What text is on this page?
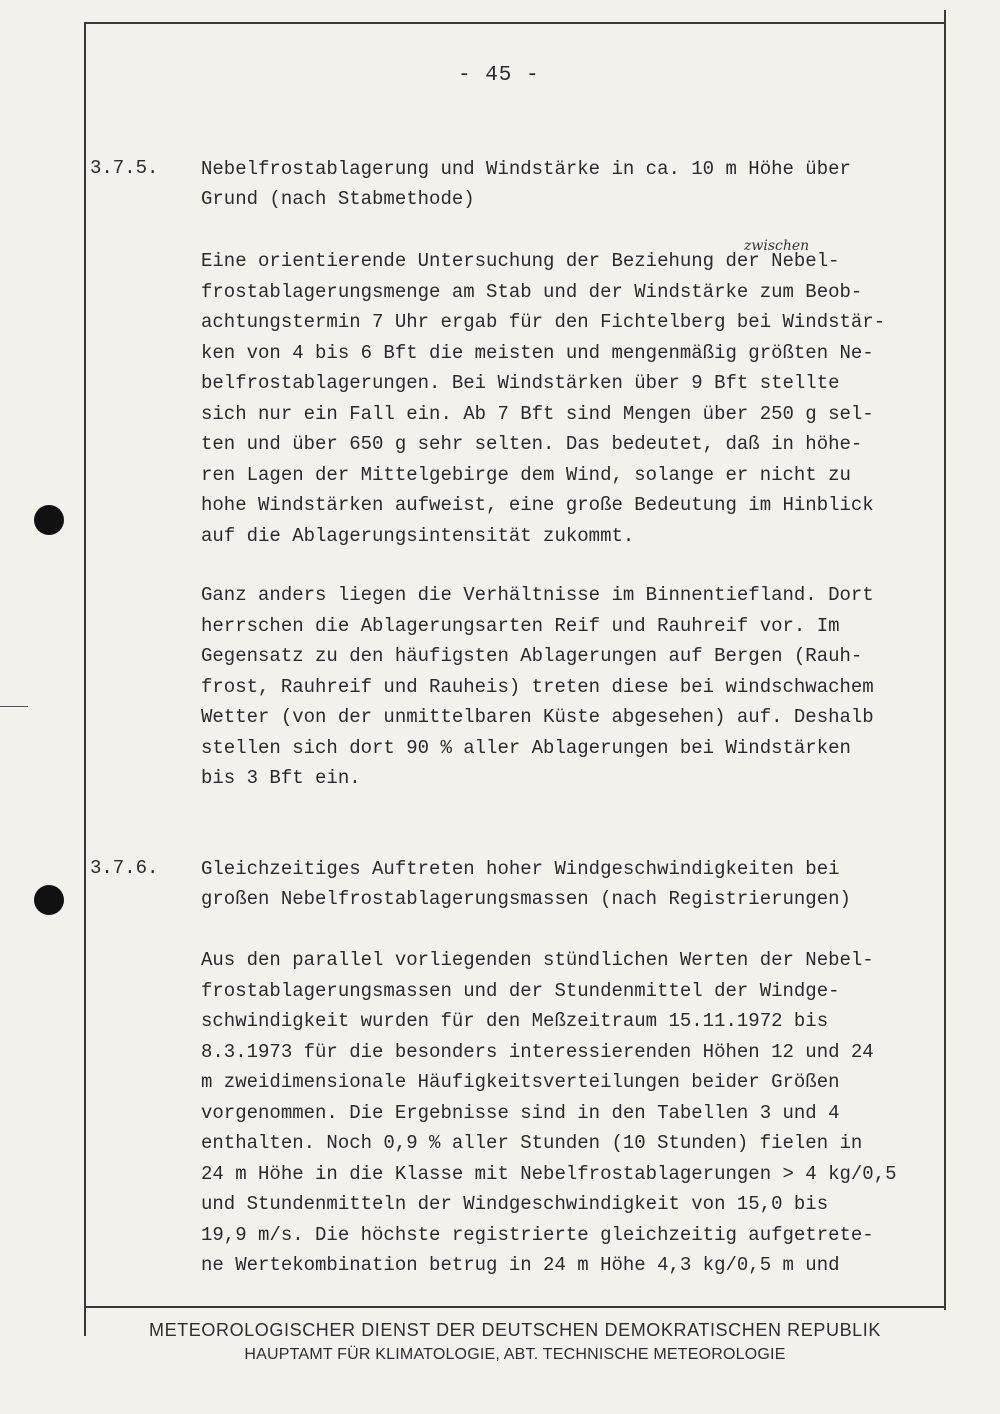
- 45 -
3.7.5. Nebelfrostablagerung und Windstärke in ca. 10 m Höhe über
Grund (nach Stabmethode)
zwischen
Eine orientierende Untersuchung der Beziehung der Nebel-
frostablagerungsmenge am Stab und der Windstärke zum Beob-
achtungstermin 7 Uhr ergab für den Fichtelberg bei Windstär-
ken von 4 bis 6 Bft die meisten und mengenmäßig größten Ne-
belfrostablagerungen. Bei Windstärken über 9 Bft stellte
sich nur ein Fall ein. Ab 7 Bft sind Mengen über 250 g sel-
ten und über 650 g sehr selten. Das bedeutet, daß in höhe-
ren Lagen der Mittelgebirge dem Wind, solange er nicht zu
hohe Windstärken aufweist, eine große Bedeutung im Hinblick
auf die Ablagerungsintensität zukommt.
Ganz anders liegen die Verhältnisse im Binnentiefland. Dort
herrschen die Ablagerungsarten Reif und Rauhreif vor. Im
Gegensatz zu den häufigsten Ablagerungen auf Bergen (Rauh-
frost, Rauhreif und Rauheis) treten diese bei windschwachem
Wetter (von der unmittelbaren Küste abgesehen) auf. Deshalb
stellen sich dort 90 % aller Ablagerungen bei Windstärken
bis 3 Bft ein.
3.7.6. Gleichzeitiges Auftreten hoher Windgeschwindigkeiten bei
großen Nebelfrostablagerungsmassen (nach Registrierungen)
Aus den parallel vorliegenden stündlichen Werten der Nebel-
frostablagerungsmassen und der Stundenmittel der Windge-
schwindigkeit wurden für den Meßzeitraum 15.11.1972 bis
8.3.1973 für die besonders interessierenden Höhen 12 und 24
m zweidimensionale Häufigkeitsverteilungen beider Größen
vorgenommen. Die Ergebnisse sind in den Tabellen 3 und 4
enthalten. Noch 0,9 % aller Stunden (10 Stunden) fielen in
24 m Höhe in die Klasse mit Nebelfrostablagerungen > 4 kg/0,5
und Stundenmitteln der Windgeschwindigkeit von 15,0 bis
19,9 m/s. Die höchste registrierte gleichzeitig aufgetrete-
ne Wertekombination betrug in 24 m Höhe 4,3 kg/0,5 m und
METEOROLOGISCHER DIENST DER DEUTSCHEN DEMOKRATISCHEN REPUBLIK
HAUPTAMT FÜR KLIMATOLOGIE, ABT. TECHNISCHE METEOROLOGIE
